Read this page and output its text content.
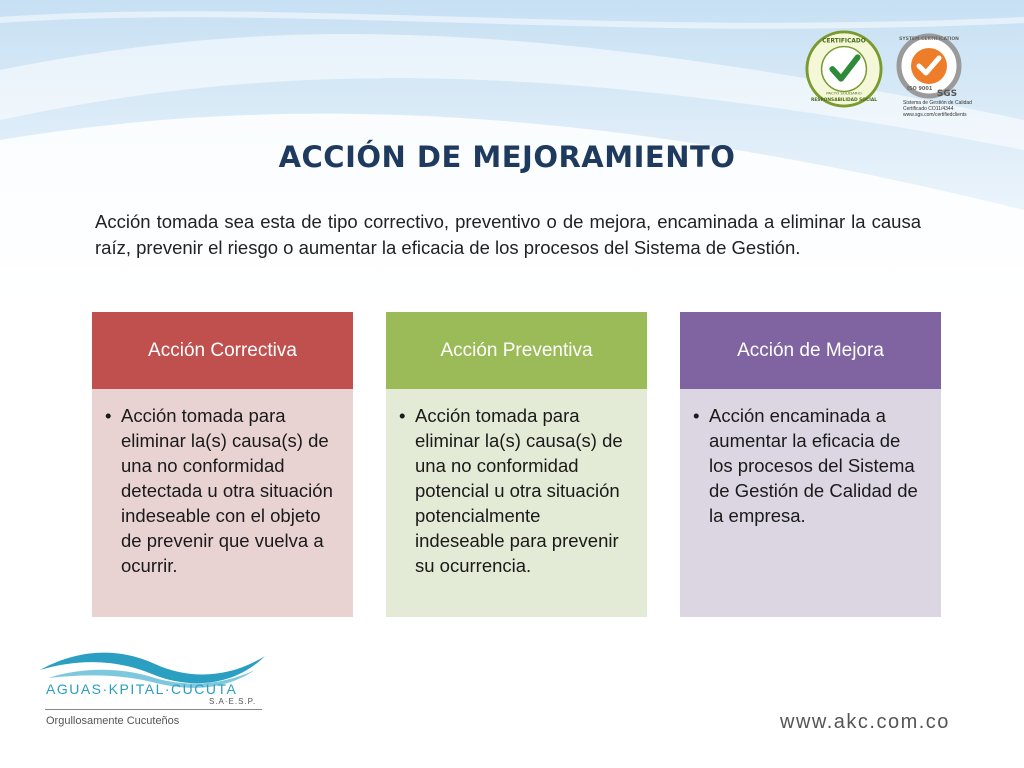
CERTIFICADO
RESPONSABILIDAD SOCIAL
PACTO SOLIDARIO
SYSTEM CERTIFICATION
ISO 9001 SGS
Sistema de Gestión de Calidad
Certificado CO11/4344
www.sgs.com/certifiedclients
ACCIÓN DE MEJORAMIENTO
Acción tomada sea esta de tipo correctivo, preventivo o de mejora, encaminada a eliminar la causa raíz, prevenir el riesgo o aumentar la eficacia de los procesos del Sistema de Gestión.
Acción Correctiva
• Acción tomada para eliminar la(s) causa(s) de una no conformidad detectada u otra situación indeseable con el objeto de prevenir que vuelva a ocurrir.
Acción Preventiva
• Acción tomada para eliminar la(s) causa(s) de una no conformidad potencial u otra situación potencialmente indeseable para prevenir su ocurrencia.
Acción de Mejora
• Acción encaminada a aumentar la eficacia de los procesos del Sistema de Gestión de Calidad de la empresa.
AGUAS·KPITAL·CUCUTA
S.A·E.S.P.
Orgullosamente Cucuteños	www.akc.com.co
